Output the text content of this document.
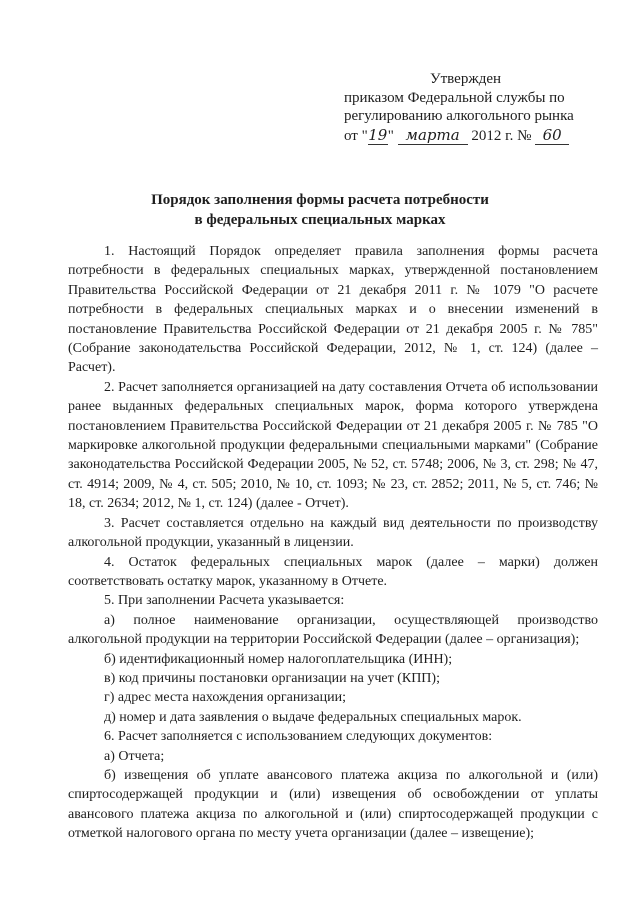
Утвержден
приказом Федеральной службы по
регулированию алкогольного рынка
от "19" марта 2012 г. № 60
Порядок заполнения формы расчета потребности
в федеральных специальных марках

1. Настоящий Порядок определяет правила заполнения формы расчета потребности в федеральных специальных марках, утвержденной постановлением Правительства Российской Федерации от 21 декабря 2011 г. № 1079 "О расчете потребности в федеральных специальных марках и о внесении изменений в постановление Правительства Российской Федерации от 21 декабря 2005 г. № 785" (Собрание законодательства Российской Федерации, 2012, № 1, ст. 124) (далее – Расчет).

2. Расчет заполняется организацией на дату составления Отчета об использовании ранее выданных федеральных специальных марок, форма которого утверждена постановлением Правительства Российской Федерации от 21 декабря 2005 г. № 785 "О маркировке алкогольной продукции федеральными специальными марками" (Собрание законодательства Российской Федерации 2005, № 52, ст. 5748; 2006, № 3, ст. 298; № 47, ст. 4914; 2009, № 4, ст. 505; 2010, № 10, ст. 1093; № 23, ст. 2852; 2011, № 5, ст. 746; № 18, ст. 2634; 2012, № 1, ст. 124) (далее - Отчет).

3. Расчет составляется отдельно на каждый вид деятельности по производству алкогольной продукции, указанный в лицензии.

4. Остаток федеральных специальных марок (далее – марки) должен соответствовать остатку марок, указанному в Отчете.

5. При заполнении Расчета указывается:

а) полное наименование организации, осуществляющей производство алкогольной продукции на территории Российской Федерации (далее – организация);

б) идентификационный номер налогоплательщика (ИНН);

в) код причины постановки организации на учет (КПП);

г) адрес места нахождения организации;

д) номер и дата заявления о выдаче федеральных специальных марок.

6. Расчет заполняется с использованием следующих документов:

а) Отчета;

б) извещения об уплате авансового платежа акциза по алкогольной и (или) спиртосодержащей продукции и (или) извещения об освобождении от уплаты авансового платежа акциза по алкогольной и (или) спиртосодержащей продукции с отметкой налогового органа по месту учета организации (далее – извещение);
